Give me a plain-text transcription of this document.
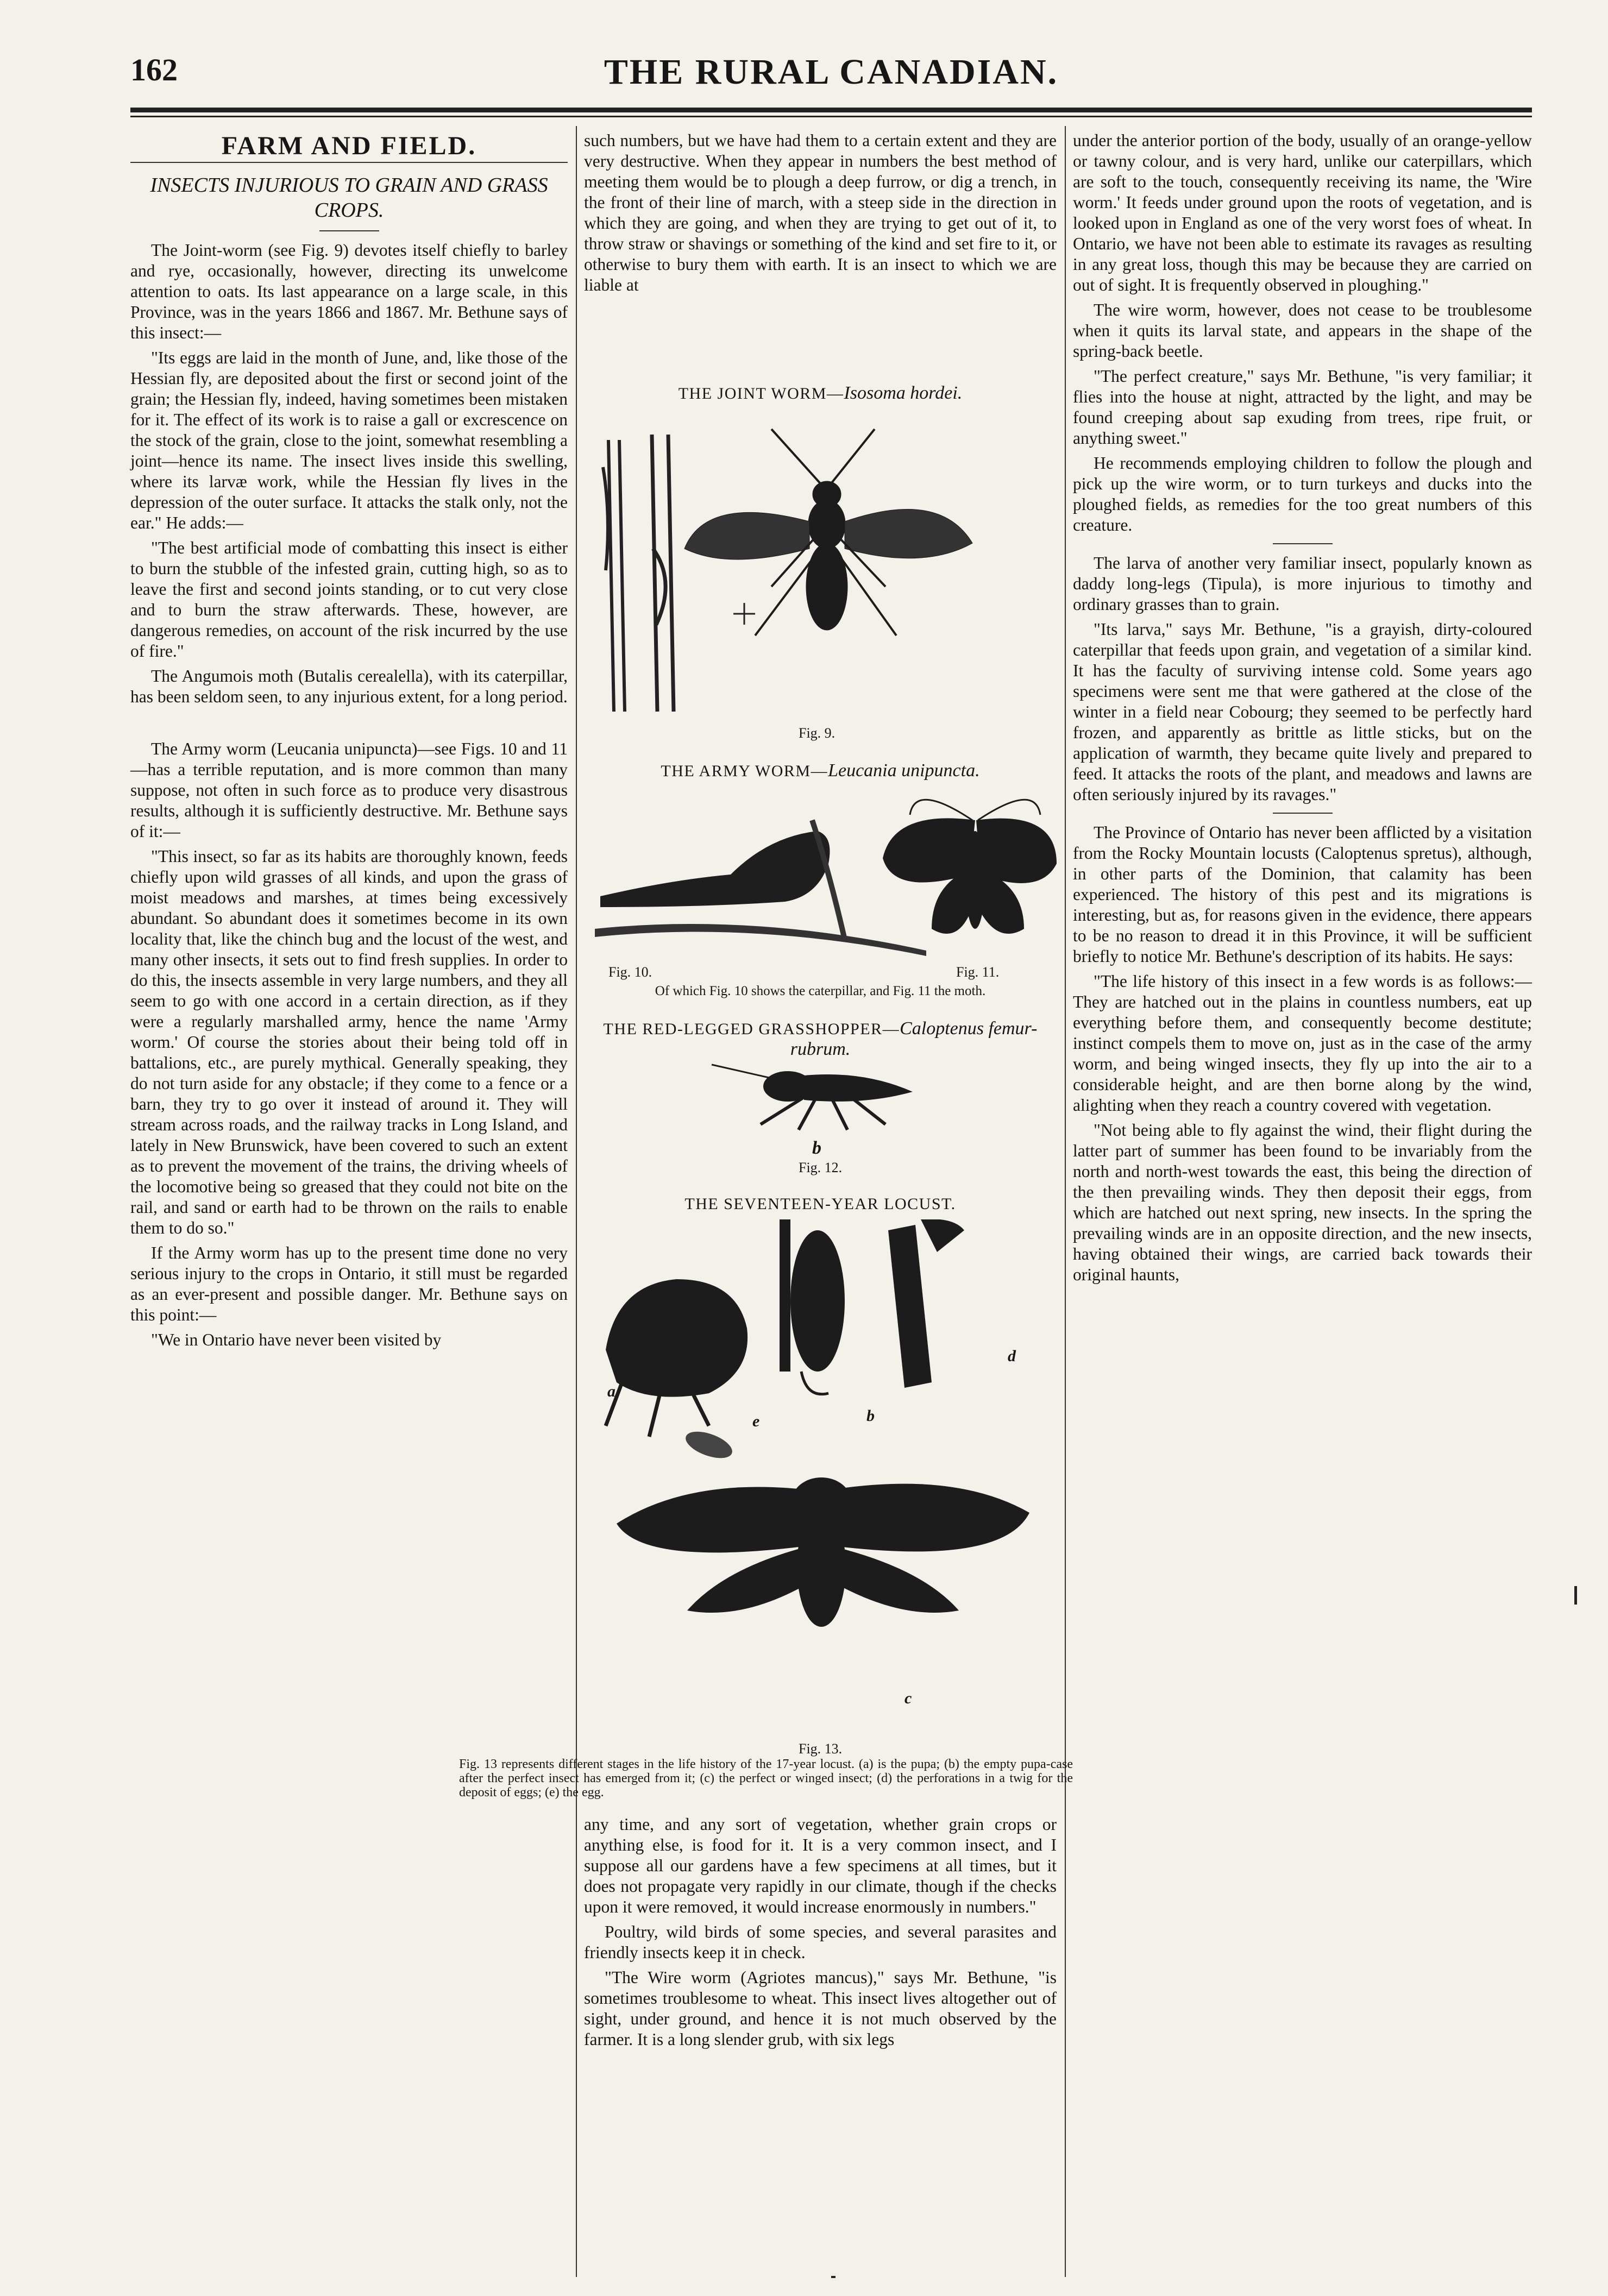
162	THE RURAL CANADIAN.
FARM AND FIELD.
INSECTS INJURIOUS TO GRAIN AND GRASS CROPS.

The Joint-worm (see Fig. 9) devotes itself chiefly to barley and rye, occasionally, however, directing its unwelcome attention to oats. Its last appearance on a large scale, in this Province, was in the years 1866 and 1867. Mr. Bethune says of this insect:—

"Its eggs are laid in the month of June, and, like those of the Hessian fly, are deposited about the first or second joint of the grain; the Hessian fly, indeed, having sometimes been mistaken for it. The effect of its work is to raise a gall or excrescence on the stock of the grain, close to the joint, somewhat resembling a joint—hence its name. The insect lives inside this swelling, where its larvæ work, while the Hessian fly lives in the depression of the outer surface. It attacks the stalk only, not the ear." He adds:—

"The best artificial mode of combatting this insect is either to burn the stubble of the infested grain, cutting high, so as to leave the first and second joints standing, or to cut very close and to burn the straw afterwards. These, however, are dangerous remedies, on account of the risk incurred by the use of fire."

The Angumois moth (Butalis cerealella), with its caterpillar, has been seldom seen, to any injurious extent, for a long period.

The Army worm (Leucania unipuncta)—see Figs. 10 and 11—has a terrible reputation, and is more common than many suppose, not often in such force as to produce very disastrous results, although it is sufficiently destructive. Mr. Bethune says of it:—

"This insect, so far as its habits are thoroughly known, feeds chiefly upon wild grasses of all kinds, and upon the grass of moist meadows and marshes, at times being excessively abundant. So abundant does it sometimes become in its own locality that, like the chinch bug and the locust of the west, and many other insects, it sets out to find fresh supplies. In order to do this, the insects assemble in very large numbers, and they all seem to go with one accord in a certain direction, as if they were a regularly marshalled army, hence the name 'Army worm.' Of course the stories about their being told off in battalions, etc., are purely mythical. Generally speaking, they do not turn aside for any obstacle; if they come to a fence or a barn, they try to go over it instead of around it. They will stream across roads, and the railway tracks in Long Island, and lately in New Brunswick, have been covered to such an extent as to prevent the movement of the trains, the driving wheels of the locomotive being so greased that they could not bite on the rail, and sand or earth had to be thrown on the rails to enable them to do so."

If the Army worm has up to the present time done no very serious injury to the crops in Ontario, it still must be regarded as an ever-present and possible danger. Mr. Bethune says on this point:—

"We in Ontario have never been visited by

such numbers, but we have had them to a certain extent and they are very destructive. When they appear in numbers the best method of meeting them would be to plough a deep furrow, or dig a trench, in the front of their line of march, with a steep side in the direction in which they are going, and when they are trying to get out of it, to throw straw or shavings or something of the kind and set fire to it, or otherwise to bury them with earth. It is an insect to which we are liable at

THE JOINT WORM—Isosoma hordei.
Fig. 9.
THE ARMY WORM—Leucania unipuncta.
Fig. 10.	Fig. 11.
Of which Fig. 10 shows the caterpillar, and Fig. 11 the moth.
THE RED-LEGGED GRASSHOPPER—Caloptenus femur-rubrum.
b
Fig. 12.
THE SEVENTEEN-YEAR LOCUST.
a
b
c
d
e
Fig. 13.
Fig. 13 represents different stages in the life history of the 17-year locust. (a) is the pupa; (b) the empty pupa-case after the perfect insect has emerged from it; (c) the perfect or winged insect; (d) the perforations in a twig for the deposit of eggs; (e) the egg.

any time, and any sort of vegetation, whether grain crops or anything else, is food for it. It is a very common insect, and I suppose all our gardens have a few specimens at all times, but it does not propagate very rapidly in our climate, though if the checks upon it were removed, it would increase enormously in numbers."

Poultry, wild birds of some species, and several parasites and friendly insects keep it in check.

"The Wire worm (Agriotes mancus)," says Mr. Bethune, "is sometimes troublesome to wheat. This insect lives altogether out of sight, under ground, and hence it is not much observed by the farmer. It is a long slender grub, with six legs

under the anterior portion of the body, usually of an orange-yellow or tawny colour, and is very hard, unlike our caterpillars, which are soft to the touch, consequently receiving its name, the 'Wire worm.' It feeds under ground upon the roots of vegetation, and is looked upon in England as one of the very worst foes of wheat. In Ontario, we have not been able to estimate its ravages as resulting in any great loss, though this may be because they are carried on out of sight. It is frequently observed in ploughing."

The wire worm, however, does not cease to be troublesome when it quits its larval state, and appears in the shape of the spring-back beetle.

"The perfect creature," says Mr. Bethune, "is very familiar; it flies into the house at night, attracted by the light, and may be found creeping about sap exuding from trees, ripe fruit, or anything sweet."

He recommends employing children to follow the plough and pick up the wire worm, or to turn turkeys and ducks into the ploughed fields, as remedies for the too great numbers of this creature.

The larva of another very familiar insect, popularly known as daddy long-legs (Tipula), is more injurious to timothy and ordinary grasses than to grain.

"Its larva," says Mr. Bethune, "is a grayish, dirty-coloured caterpillar that feeds upon grain, and vegetation of a similar kind. It has the faculty of surviving intense cold. Some years ago specimens were sent me that were gathered at the close of the winter in a field near Cobourg; they seemed to be perfectly hard frozen, and apparently as brittle as little sticks, but on the application of warmth, they became quite lively and prepared to feed. It attacks the roots of the plant, and meadows and lawns are often seriously injured by its ravages."

The Province of Ontario has never been afflicted by a visitation from the Rocky Mountain locusts (Caloptenus spretus), although, in other parts of the Dominion, that calamity has been experienced. The history of this pest and its migrations is interesting, but as, for reasons given in the evidence, there appears to be no reason to dread it in this Province, it will be sufficient briefly to notice Mr. Bethune's description of its habits. He says:

"The life history of this insect in a few words is as follows:—They are hatched out in the plains in countless numbers, eat up everything before them, and consequently become destitute; instinct compels them to move on, just as in the case of the army worm, and being winged insects, they fly up into the air to a considerable height, and are then borne along by the wind, alighting when they reach a country covered with vegetation.

"Not being able to fly against the wind, their flight during the latter part of summer has been found to be invariably from the north and north-west towards the east, this being the direction of the then prevailing winds. They then deposit their eggs, from which are hatched out next spring, new insects. In the spring the prevailing winds are in an opposite direction, and the new insects, having obtained their wings, are carried back towards their original haunts,
